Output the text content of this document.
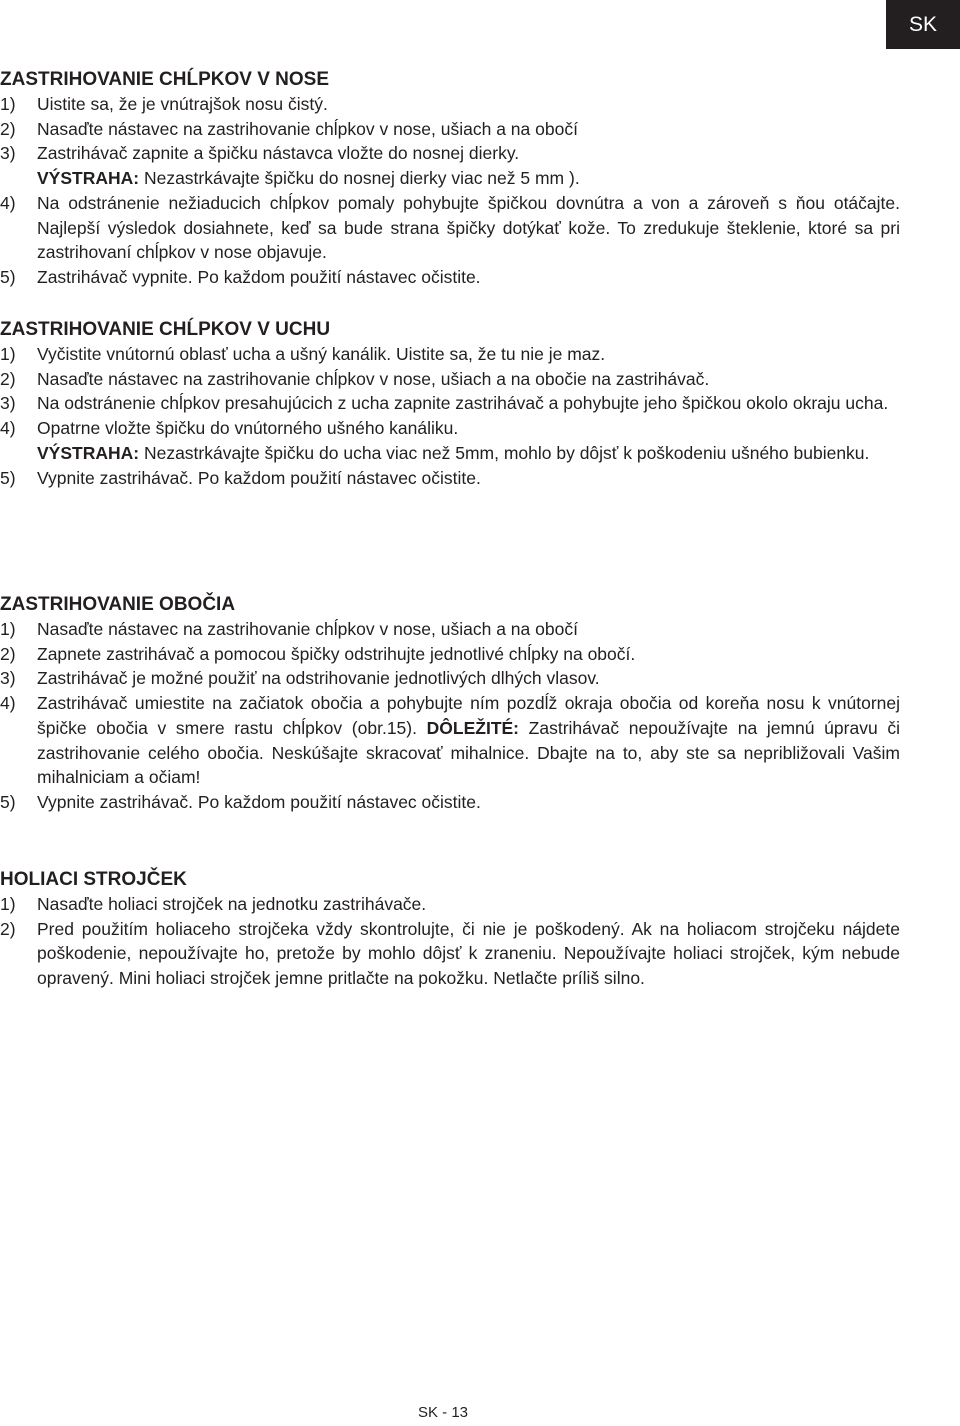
SK
ZASTRIHOVANIE CHĹPKOV V NOSE
1) Uistite sa, že je vnútrajšok nosu čistý.
2) Nasaďte nástavec na zastrihovanie chĺpkov v nose, ušiach a na obočí
3) Zastrihávač zapnite a špičku nástavca vložte do nosnej dierky.
VÝSTRAHA: Nezastrkávajte špičku do nosnej dierky viac než 5 mm ).
4) Na odstránenie nežiaducich chĺpkov pomaly pohybujte špičkou dovnútra a von a zároveň s ňou otáčajte. Najlepší výsledok dosiahnete, keď sa bude strana špičky dotýkať kože. To zredukuje šteklenie, ktoré sa pri zastrihovaní chĺpkov v nose objavuje.
5) Zastrihávač vypnite. Po každom použití nástavec očistite.
ZASTRIHOVANIE CHĹPKOV V UCHU
1) Vyčistite vnútornú oblasť ucha a ušný kanálik. Uistite sa, že tu nie je maz.
2) Nasaďte nástavec na zastrihovanie chĺpkov v nose, ušiach a na obočie na zastrihávač.
3) Na odstránenie chĺpkov presahujúcich z ucha zapnite zastrihávač a pohybujte jeho špičkou okolo okraju ucha.
4) Opatrne vložte špičku do vnútorného ušného kanáliku.
VÝSTRAHA: Nezastrkávajte špičku do ucha viac než 5mm, mohlo by dôjsť k poškodeniu ušného bubienku.
5) Vypnite zastrihávač. Po každom použití nástavec očistite.
ZASTRIHOVANIE OBOČIA
1) Nasaďte nástavec na zastrihovanie chĺpkov v nose, ušiach a na obočí
2) Zapnete zastrihávač a pomocou špičky odstrihujte jednotlivé chĺpky na obočí.
3) Zastrihávač je možné použiť na odstrihovanie jednotlivých dlhých vlasov.
4) Zastrihávač umiestite na začiatok obočia a pohybujte ním pozdĺž okraja obočia od koreňa nosu k vnútornej špičke obočia v smere rastu chĺpkov (obr.15). DÔLEŽITÉ: Zastrihávač nepoužívajte na jemnú úpravu či zastrihovanie celého obočia. Neskúšajte skracovať mihalnice. Dbajte na to, aby ste sa nepribližovali Vašim mihalniciam a očiam!
5) Vypnite zastrihávač. Po každom použití nástavec očistite.
HOLIACI STROJČEK
1) Nasaďte holiaci strojček na jednotku zastrihávače.
2) Pred použitím holiaceho strojčeka vždy skontrolujte, či nie je poškodený. Ak na holiacom strojčeku nájdete poškodenie, nepoužívajte ho, pretože by mohlo dôjsť k zraneniu. Nepoužívajte holiaci strojček, kým nebude opravený. Mini holiaci strojček jemne pritlačte na pokožku. Netlačte príliš silno.
SK - 13
